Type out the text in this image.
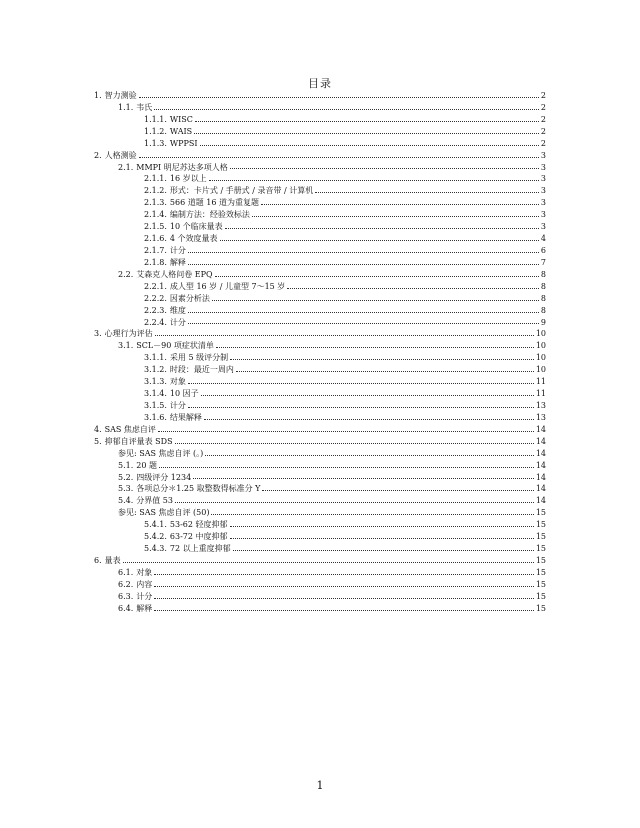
目录
1. 智力测验	2
1.1. 韦氏	2
1.1.1. WISC	2
1.1.2. WAIS	2
1.1.3. WPPSI	2
2. 人格测验	3
2.1. MMPI 明尼苏达多项人格	3
2.1.1. 16 岁以上	3
2.1.2. 形式：卡片式 / 手册式 / 录音带 / 计算机	3
2.1.3. 566 道题 16 道为重复题	3
2.1.4. 编制方法：经验效标法	3
2.1.5. 10 个临床量表	3
2.1.6. 4 个效度量表	4
2.1.7. 计分	6
2.1.8. 解释	7
2.2. 艾森克人格问卷 EPQ	8
2.2.1. 成人型 16 岁 / 儿童型 7～15 岁	8
2.2.2. 因素分析法	8
2.2.3. 维度	8
2.2.4. 计分	9
3. 心理行为评估	10
3.1. SCL－90 项症状清单	10
3.1.1. 采用 5 级评分制	10
3.1.2. 时段：最近一周内	10
3.1.3. 对象	11
3.1.4. 10 因子	11
3.1.5. 计分	13
3.1.6. 结果解释	13
4. SAS 焦虑自评	14
5. 抑郁自评量表 SDS	14
参见: SAS 焦虑自评 (。)	14
5.1. 20 题	14
5.2. 四级评分 1234	14
5.3. 各项总分＊1.25 取整数得标准分 Y	14
5.4. 分界值 53	14
参见: SAS 焦虑自评 (50)	15
5.4.1. 53-62 轻度抑郁	15
5.4.2. 63-72 中度抑郁	15
5.4.3. 72 以上重度抑郁	15
6. 量表	15
6.1. 对象	15
6.2. 内容	15
6.3. 计分	15
6.4. 解释	15
1
